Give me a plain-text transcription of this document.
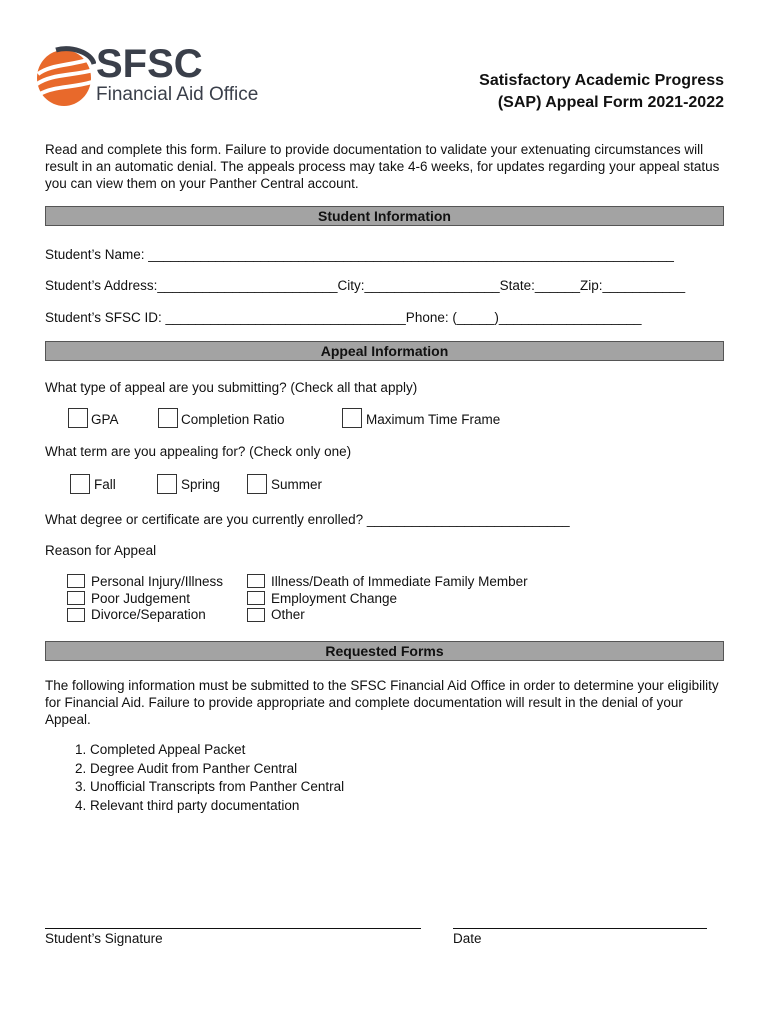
SFSC
Financial Aid Office
Satisfactory Academic Progress
(SAP) Appeal Form 2021-2022
Read and complete this form. Failure to provide documentation to validate your extenuating circumstances will result in an automatic denial. The appeals process may take 4-6 weeks, for updates regarding your appeal status you can view them on your Panther Central account.
Student Information
Student’s Name: ______________________________________________________________________
Student’s Address:________________________City:__________________State:______Zip:___________
Student’s SFSC ID: ________________________________Phone: (_____)___________________
Appeal Information
What type of appeal are you submitting? (Check all that apply)
GPA	Completion Ratio	Maximum Time Frame
What term are you appealing for? (Check only one)
Fall	Spring	Summer
What degree or certificate are you currently enrolled? ___________________________
Reason for Appeal
Personal Injury/Illness
Poor Judgement
Divorce/Separation
Illness/Death of Immediate Family Member
Employment Change
Other
Requested Forms
The following information must be submitted to the SFSC Financial Aid Office in order to determine your eligibility for Financial Aid. Failure to provide appropriate and complete documentation will result in the denial of your Appeal.
1. Completed Appeal Packet
2. Degree Audit from Panther Central
3. Unofficial Transcripts from Panther Central
4. Relevant third party documentation
Student’s Signature	Date
